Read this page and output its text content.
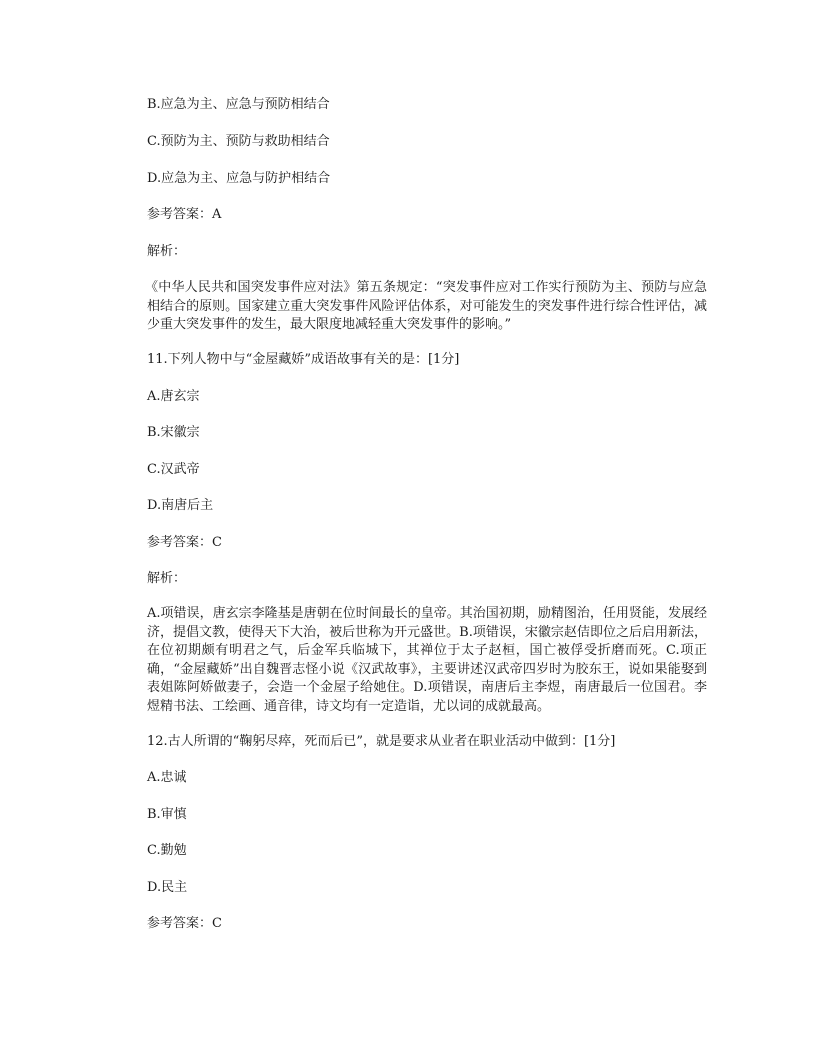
B.应急为主、应急与预防相结合
C.预防为主、预防与救助相结合
D.应急为主、应急与防护相结合
参考答案：A
解析：
《中华人民共和国突发事件应对法》第五条规定：“突发事件应对工作实行预防为主、预防与应急相结合的原则。国家建立重大突发事件风险评估体系，对可能发生的突发事件进行综合性评估，减少重大突发事件的发生，最大限度地减轻重大突发事件的影响。”
11.下列人物中与“金屋藏娇”成语故事有关的是：[1分]
A.唐玄宗
B.宋徽宗
C.汉武帝
D.南唐后主
参考答案：C
解析：
A.项错误，唐玄宗李隆基是唐朝在位时间最长的皇帝。其治国初期，励精图治，任用贤能，发展经济，提倡文教，使得天下大治，被后世称为开元盛世。B.项错误，宋徽宗赵佶即位之后启用新法，在位初期颇有明君之气，后金军兵临城下，其禅位于太子赵桓，国亡被俘受折磨而死。C.项正确，“金屋藏娇”出自魏晋志怪小说《汉武故事》，主要讲述汉武帝四岁时为胶东王，说如果能娶到表姐陈阿娇做妻子，会造一个金屋子给她住。D.项错误，南唐后主李煜，南唐最后一位国君。李煜精书法、工绘画、通音律，诗文均有一定造诣，尤以词的成就最高。
12.古人所谓的“鞠躬尽瘁，死而后已”，就是要求从业者在职业活动中做到：[1分]
A.忠诚
B.审慎
C.勤勉
D.民主
参考答案：C
